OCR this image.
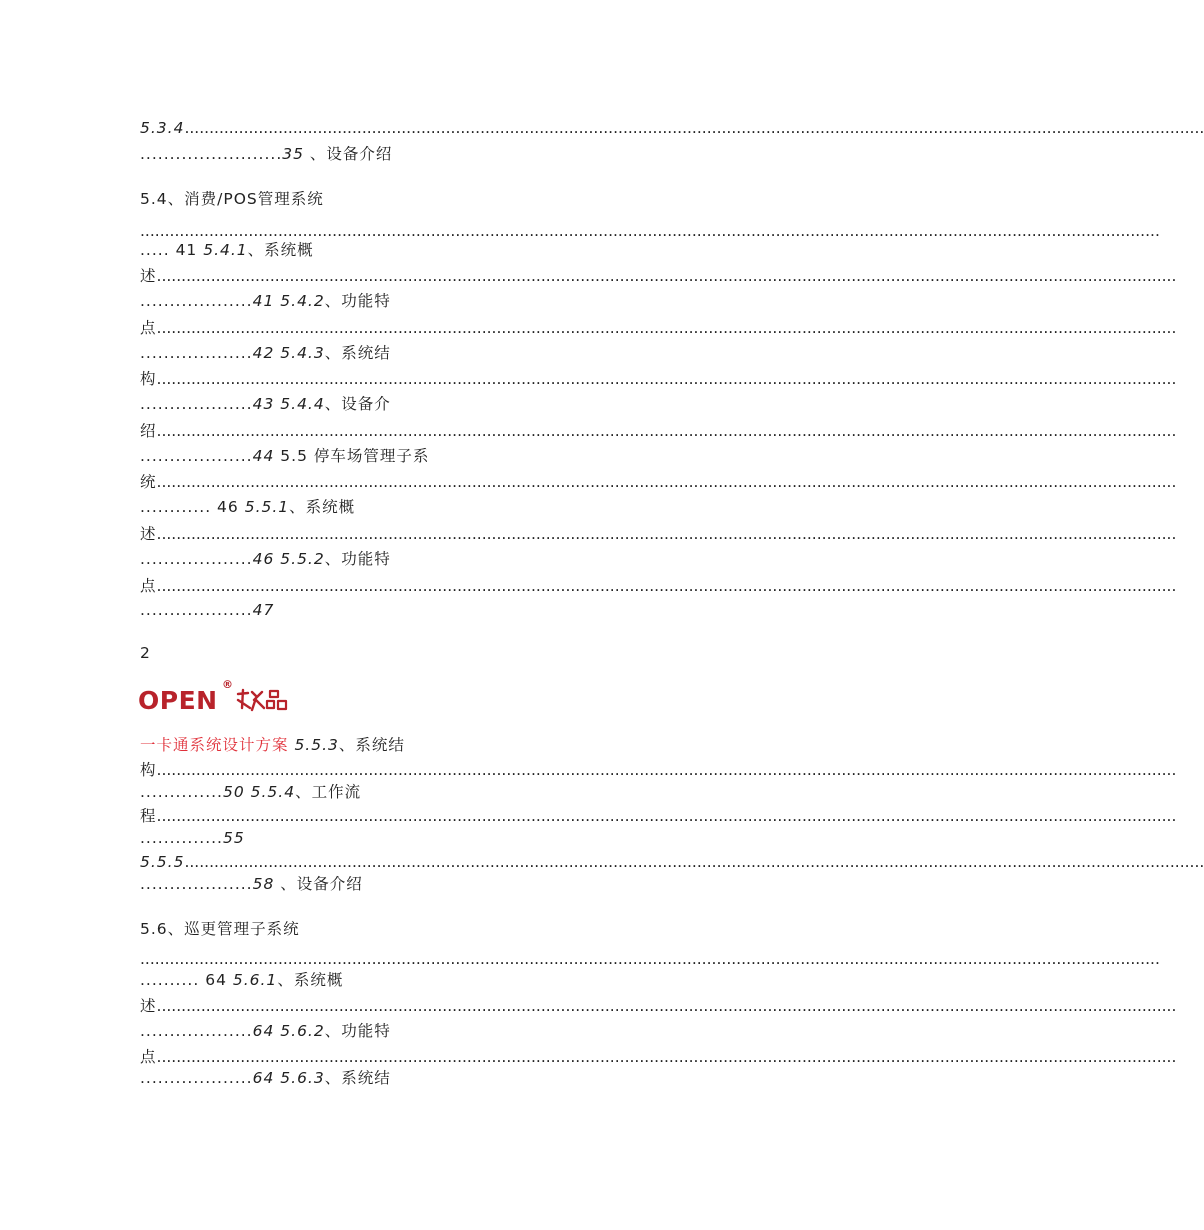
5.3.4 ...............................................................................................................................................................................................................
........................35 、设备介绍
5.4、消费/POS管理系统
...............................................................................................................................................................................................................
..... 41 5.4.1、系统概
述 ...............................................................................................................................................................................................................
...................41 5.4.2、功能特
点 ...............................................................................................................................................................................................................
...................42 5.4.3、系统结
构 ...............................................................................................................................................................................................................
...................43 5.4.4、设备介
绍 ...............................................................................................................................................................................................................
...................44 5.5 停车场管理子系
统 ...............................................................................................................................................................................................................
............ 46 5.5.1、系统概
述 ...............................................................................................................................................................................................................
...................46 5.5.2、功能特
点 ...............................................................................................................................................................................................................
...................47
2
一卡通系统设计方案 5.5.3、系统结
构 ...............................................................................................................................................................................................................
..............50 5.5.4、工作流
程 ...............................................................................................................................................................................................................
..............55
5.5.5 ...............................................................................................................................................................................................................
...................58 、设备介绍
5.6、巡更管理子系统
...............................................................................................................................................................................................................
.......... 64 5.6.1、系统概
述 ...............................................................................................................................................................................................................
...................64 5.6.2、功能特
点 ...............................................................................................................................................................................................................
...................64 5.6.3、系统结
OPEN
®
